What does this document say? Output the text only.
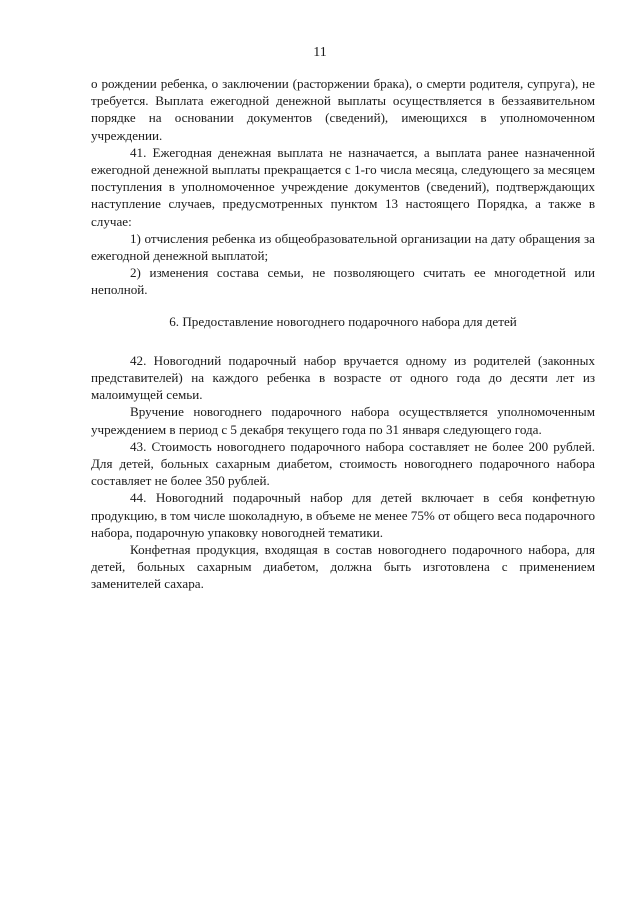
11

о рождении ребенка, о заключении (расторжении брака), о смерти родителя, супруга), не требуется. Выплата ежегодной денежной выплаты осуществляется в беззаявительном порядке на основании документов (сведений), имеющихся в уполномоченном учреждении.

41. Ежегодная денежная выплата не назначается, а выплата ранее назначенной ежегодной денежной выплаты прекращается с 1-го числа месяца, следующего за месяцем поступления в уполномоченное учреждение документов (сведений), подтверждающих наступление случаев, предусмотренных пунктом 13 настоящего Порядка, а также в случае:

1) отчисления ребенка из общеобразовательной организации на дату обращения за ежегодной денежной выплатой;

2) изменения состава семьи, не позволяющего считать ее многодетной или неполной.

6. Предоставление новогоднего подарочного набора для детей

42. Новогодний подарочный набор вручается одному из родителей (законных представителей) на каждого ребенка в возрасте от одного года до десяти лет из малоимущей семьи.

Вручение новогоднего подарочного набора осуществляется уполномоченным учреждением в период с 5 декабря текущего года по 31 января следующего года.

43. Стоимость новогоднего подарочного набора составляет не более 200 рублей. Для детей, больных сахарным диабетом, стоимость новогоднего подарочного набора составляет не более 350 рублей.

44. Новогодний подарочный набор для детей включает в себя конфетную продукцию, в том числе шоколадную, в объеме не менее 75% от общего веса подарочного набора, подарочную упаковку новогодней тематики.

Конфетная продукция, входящая в состав новогоднего подарочного набора, для детей, больных сахарным диабетом, должна быть изготовлена с применением заменителей сахара.
